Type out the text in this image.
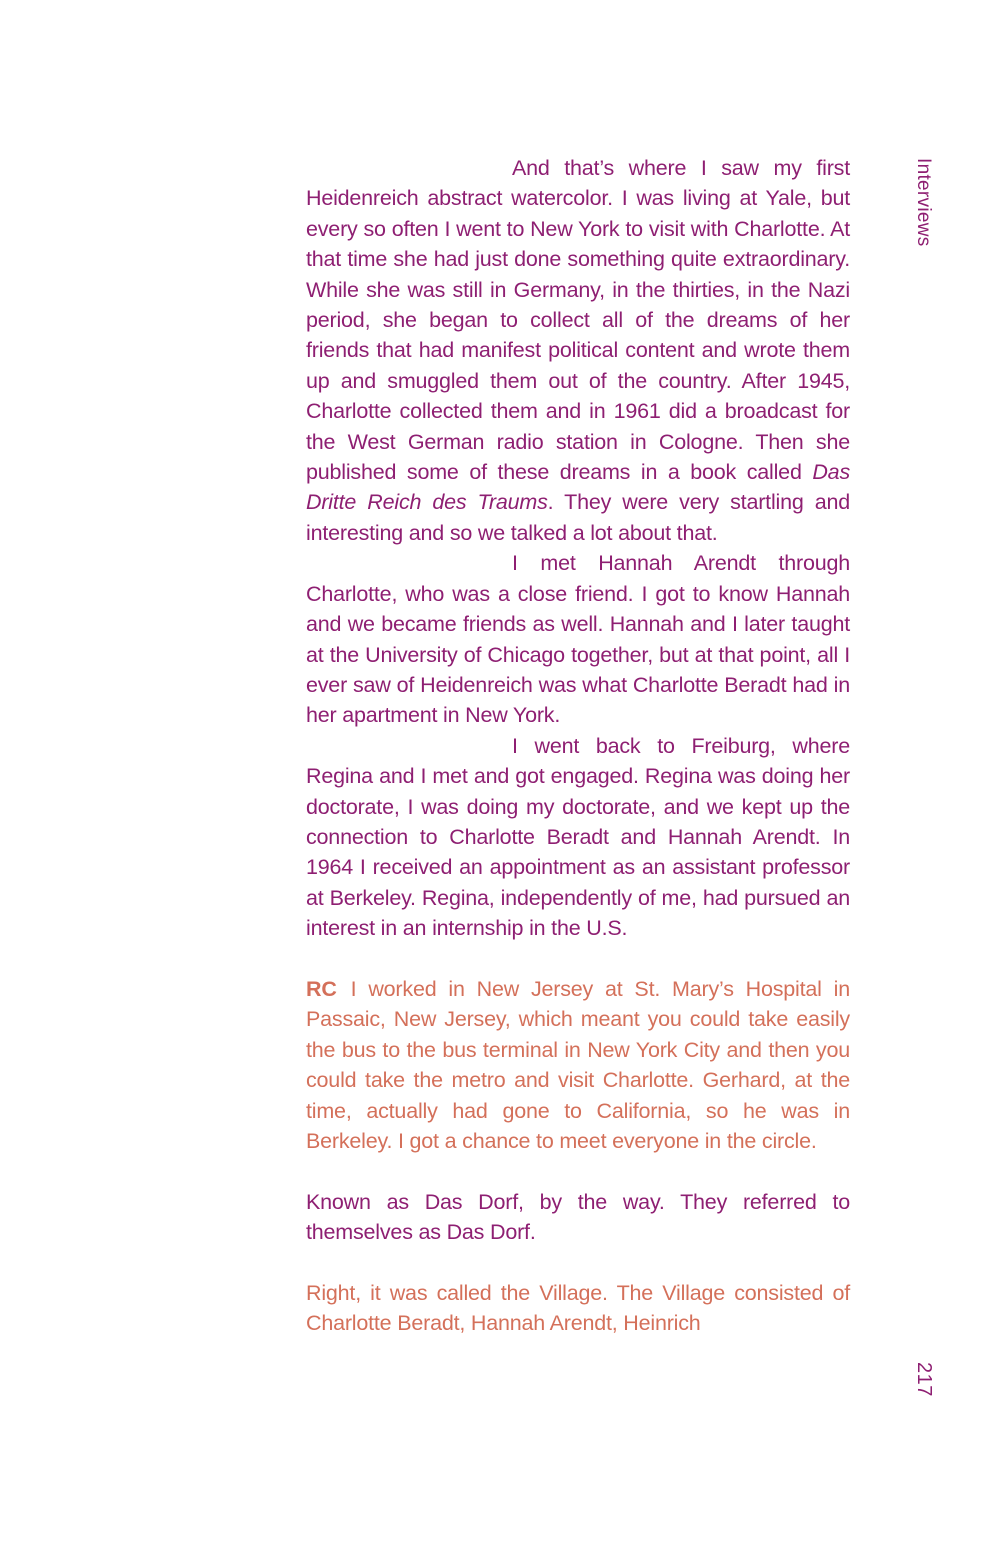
Interviews
217

And that’s where I saw my first Heidenreich abstract watercolor. I was living at Yale, but every so often I went to New York to visit with Charlotte. At that time she had just done something quite extraordinary. While she was still in Germany, in the thirties, in the Nazi period, she began to collect all of the dreams of her friends that had manifest political content and wrote them up and smuggled them out of the country. After 1945, Charlotte collected them and in 1961 did a broadcast for the West German radio station in Cologne. Then she published some of these dreams in a book called Das Dritte Reich des Traums. They were very startling and interesting and so we talked a lot about that.

I met Hannah Arendt through Charlotte, who was a close friend. I got to know Hannah and we became friends as well. Hannah and I later taught at the University of Chicago together, but at that point, all I ever saw of Heidenreich was what Charlotte Beradt had in her apartment in New York.

I went back to Freiburg, where Regina and I met and got engaged. Regina was doing her doctorate, I was doing my doctorate, and we kept up the connection to Charlotte Beradt and Hannah Arendt. In 1964 I received an appointment as an assistant professor at Berkeley. Regina, independently of me, had pursued an interest in an internship in the U.S.

RC I worked in New Jersey at St. Mary’s Hospital in Passaic, New Jersey, which meant you could take easily the bus to the bus terminal in New York City and then you could take the metro and visit Charlotte. Gerhard, at the time, actually had gone to California, so he was in Berkeley. I got a chance to meet everyone in the circle.

Known as Das Dorf, by the way. They referred to themselves as Das Dorf.

Right, it was called the Village. The Village consisted of Charlotte Beradt, Hannah Arendt, Heinrich
